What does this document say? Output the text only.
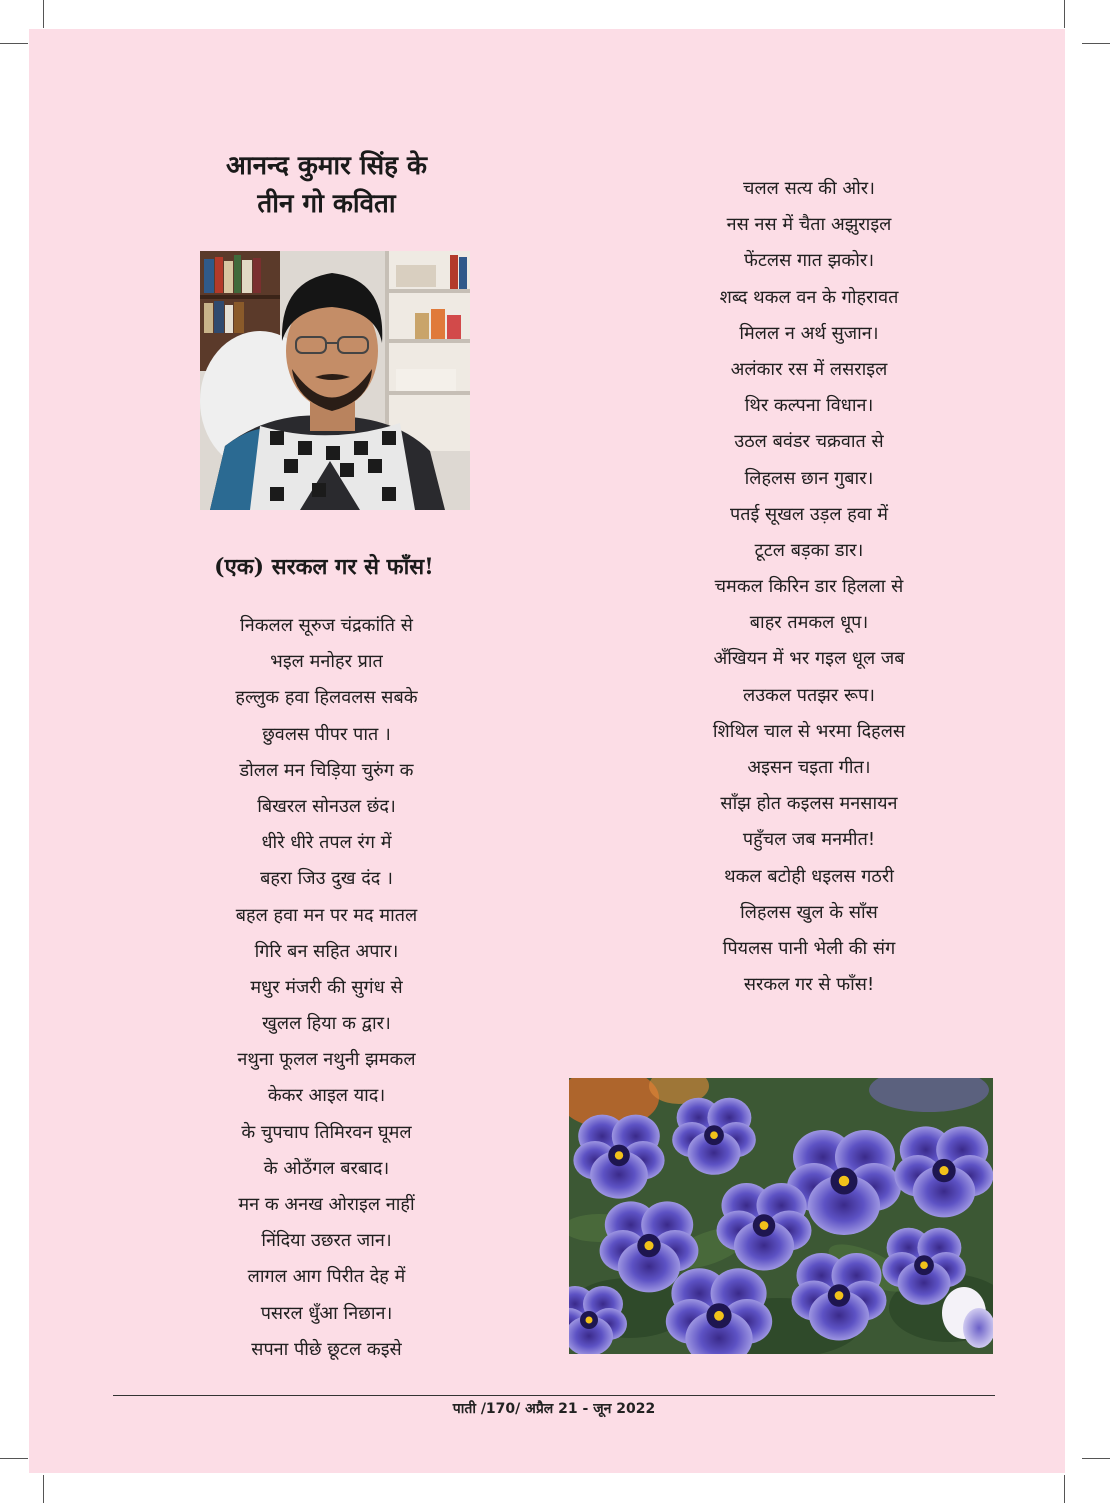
आनन्द कुमार सिंह के
तीन गो कविता
(एक) सरकल गर से फाँस!
निकलल सूरुज चंद्रकांति से
भइल मनोहर प्रात
हल्लुक हवा हिलवलस सबके
छुवलस पीपर पात ।
डोलल मन चिड़िया चुरुंग क
बिखरल सोनउल छंद।
धीरे धीरे तपल रंग में
बहरा जिउ दुख दंद ।
बहल हवा मन पर मद मातल
गिरि बन सहित अपार।
मधुर मंजरी की सुगंध से
खुलल हिया क द्वार।
नथुना फूलल नथुनी झमकल
केकर आइल याद।
के चुपचाप तिमिरवन घूमल
के ओठँगल बरबाद।
मन क अनख ओराइल नाहीं
निंदिया उछरत जान।
लागल आग पिरीत देह में
पसरल धुँआ निछान।
सपना पीछे छूटल कइसे
चलल सत्य की ओर।
नस नस में चैता अझुराइल
फेंटलस गात झकोर।
शब्द थकल वन के गोहरावत
मिलल न अर्थ सुजान।
अलंकार रस में लसराइल
थिर कल्पना विधान।
उठल बवंडर चक्रवात से
लिहलस छान गुबार।
पतई सूखल उड़ल हवा में
टूटल बड़का डार।
चमकल किरिन डार हिलला से
बाहर तमकल धूप।
अँखियन में भर गइल धूल जब
लउकल पतझर रूप।
शिथिल चाल से भरमा दिहलस
अइसन चइता गीत।
साँझ होत कइलस मनसायन
पहुँचल जब मनमीत!
थकल बटोही धइलस गठरी
लिहलस खुल के साँस
पियलस पानी भेली की संग
सरकल गर से फाँस!
पाती /170/ अप्रैल 21 - जून 2022
